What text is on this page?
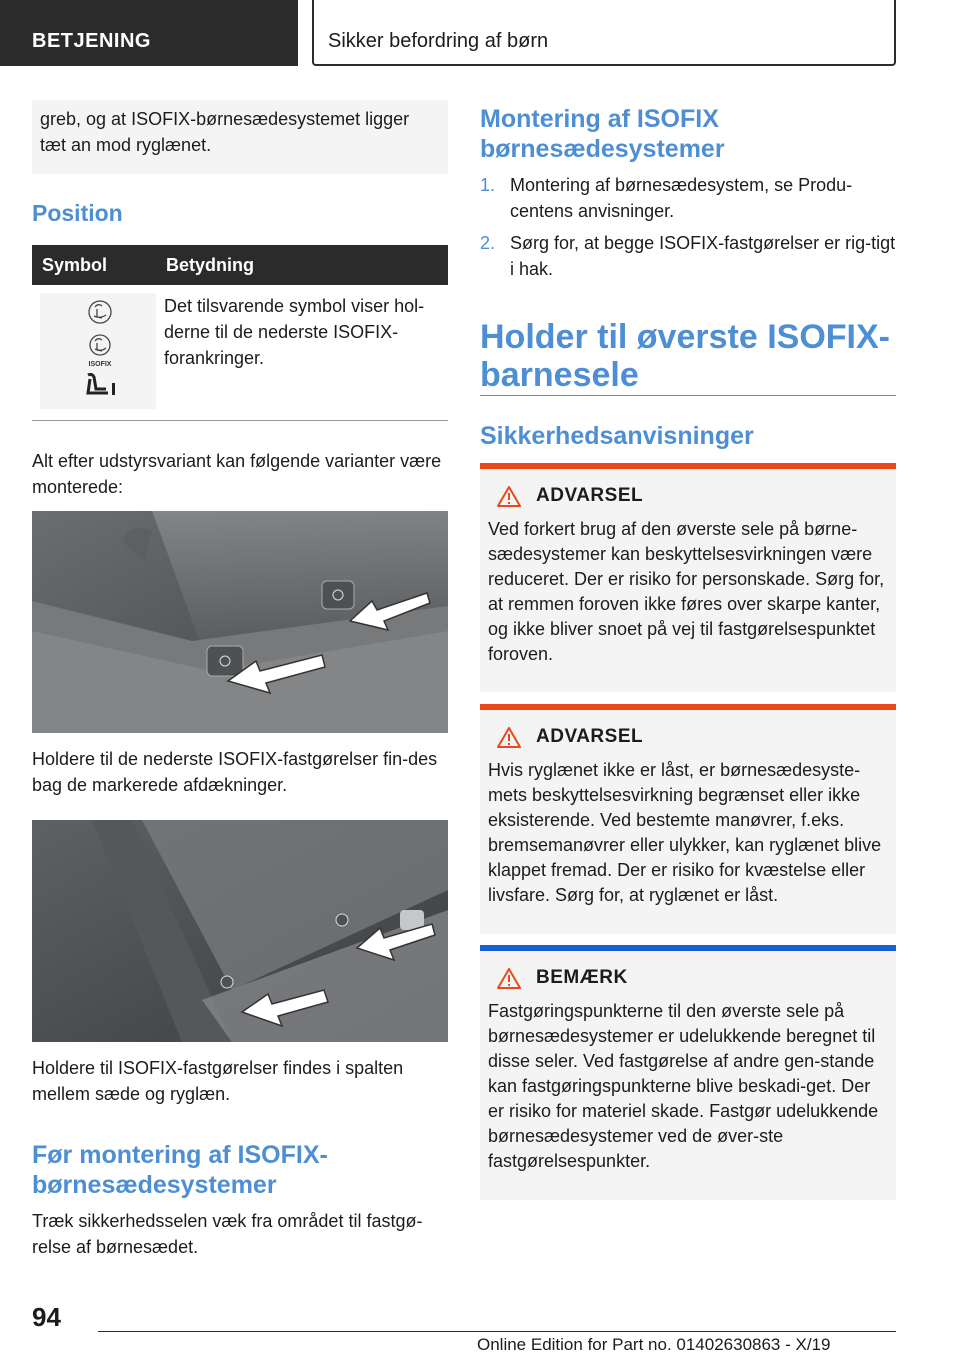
BETJENING	Sikker befordring af børn

greb, og at ISOFIX-børnesædesystemet ligger tæt an mod ryglænet.

Position
Symbol	Betydning

ISOFIX	Det tilsvarende symbol viser hol-derne til de nederste ISOFIX-forankringer.
Alt efter udstyrsvariant kan følgende varianter være monterede:
Holdere til de nederste ISOFIX-fastgørelser fin-des bag de markerede afdækninger.
Holdere til ISOFIX-fastgørelser findes i spalten mellem sæde og ryglæn.
Før montering af ISOFIX-børnesædesystemer
Træk sikkerhedsselen væk fra området til fastgø-relse af børnesædet.
Montering af ISOFIX børnesædesystemer
1. Montering af børnesædesystem, se Produ-centens anvisninger.
2. Sørg for, at begge ISOFIX-fastgørelser er rig-tigt i hak.
Holder til øverste ISOFIX-barnesele
Sikkerhedsanvisninger
ADVARSEL

Ved forkert brug af den øverste sele på børne-sædesystemer kan beskyttelsesvirkningen være reduceret. Der er risiko for personskade. Sørg for, at remmen foroven ikke føres over skarpe kanter, og ikke bliver snoet på vej til fastgørelsespunktet foroven.

ADVARSEL

Hvis ryglænet ikke er låst, er børnesædesyste-mets beskyttelsesvirkning begrænset eller ikke eksisterende. Ved bestemte manøvrer, f.eks. bremsemanøvrer eller ulykker, kan ryglænet blive klappet fremad. Der er risiko for kvæstelse eller livsfare. Sørg for, at ryglænet er låst.

BEMÆRK

Fastgøringspunkterne til den øverste sele på børnesædesystemer er udelukkende beregnet til disse seler. Ved fastgørelse af andre gen-stande kan fastgøringspunkterne blive beskadi-get. Der er risiko for materiel skade. Fastgør udelukkende børnesædesystemer ved de øver-ste fastgørelsespunkter.

94
Online Edition for Part no. 01402630863 - X/19
